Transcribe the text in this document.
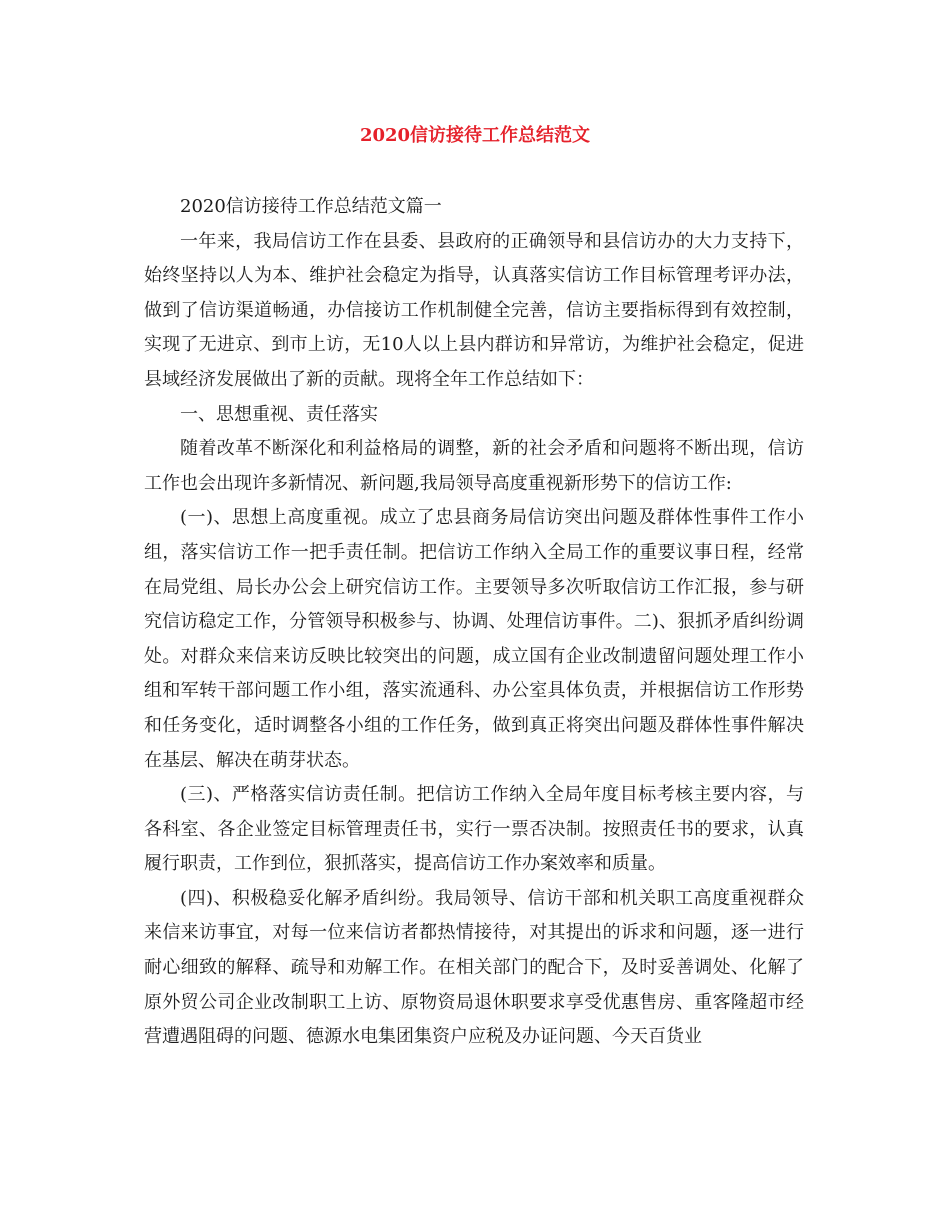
2020信访接待工作总结范文

2020信访接待工作总结范文篇一

一年来，我局信访工作在县委、县政府的正确领导和县信访办的大力支持下，始终坚持以人为本、维护社会稳定为指导，认真落实信访工作目标管理考评办法，做到了信访渠道畅通，办信接访工作机制健全完善，信访主要指标得到有效控制，实现了无进京、到市上访，无10人以上县内群访和异常访，为维护社会稳定，促进县域经济发展做出了新的贡献。现将全年工作总结如下：

一、思想重视、责任落实

随着改革不断深化和利益格局的调整，新的社会矛盾和问题将不断出现，信访工作也会出现许多新情况、新问题,我局领导高度重视新形势下的信访工作:

(一)、思想上高度重视。成立了忠县商务局信访突出问题及群体性事件工作小组，落实信访工作一把手责任制。把信访工作纳入全局工作的重要议事日程，经常在局党组、局长办公会上研究信访工作。主要领导多次听取信访工作汇报，参与研究信访稳定工作，分管领导积极参与、协调、处理信访事件。二)、狠抓矛盾纠纷调处。对群众来信来访反映比较突出的问题，成立国有企业改制遗留问题处理工作小组和军转干部问题工作小组，落实流通科、办公室具体负责，并根据信访工作形势和任务变化，适时调整各小组的工作任务，做到真正将突出问题及群体性事件解决在基层、解决在萌芽状态。

(三)、严格落实信访责任制。把信访工作纳入全局年度目标考核主要内容，与各科室、各企业签定目标管理责任书，实行一票否决制。按照责任书的要求，认真履行职责，工作到位，狠抓落实，提高信访工作办案效率和质量。

(四)、积极稳妥化解矛盾纠纷。我局领导、信访干部和机关职工高度重视群众来信来访事宜，对每一位来信访者都热情接待，对其提出的诉求和问题，逐一进行耐心细致的解释、疏导和劝解工作。在相关部门的配合下，及时妥善调处、化解了原外贸公司企业改制职工上访、原物资局退休职要求享受优惠售房、重客隆超市经营遭遇阻碍的问题、德源水电集团集资户应税及办证问题、今天百货业
